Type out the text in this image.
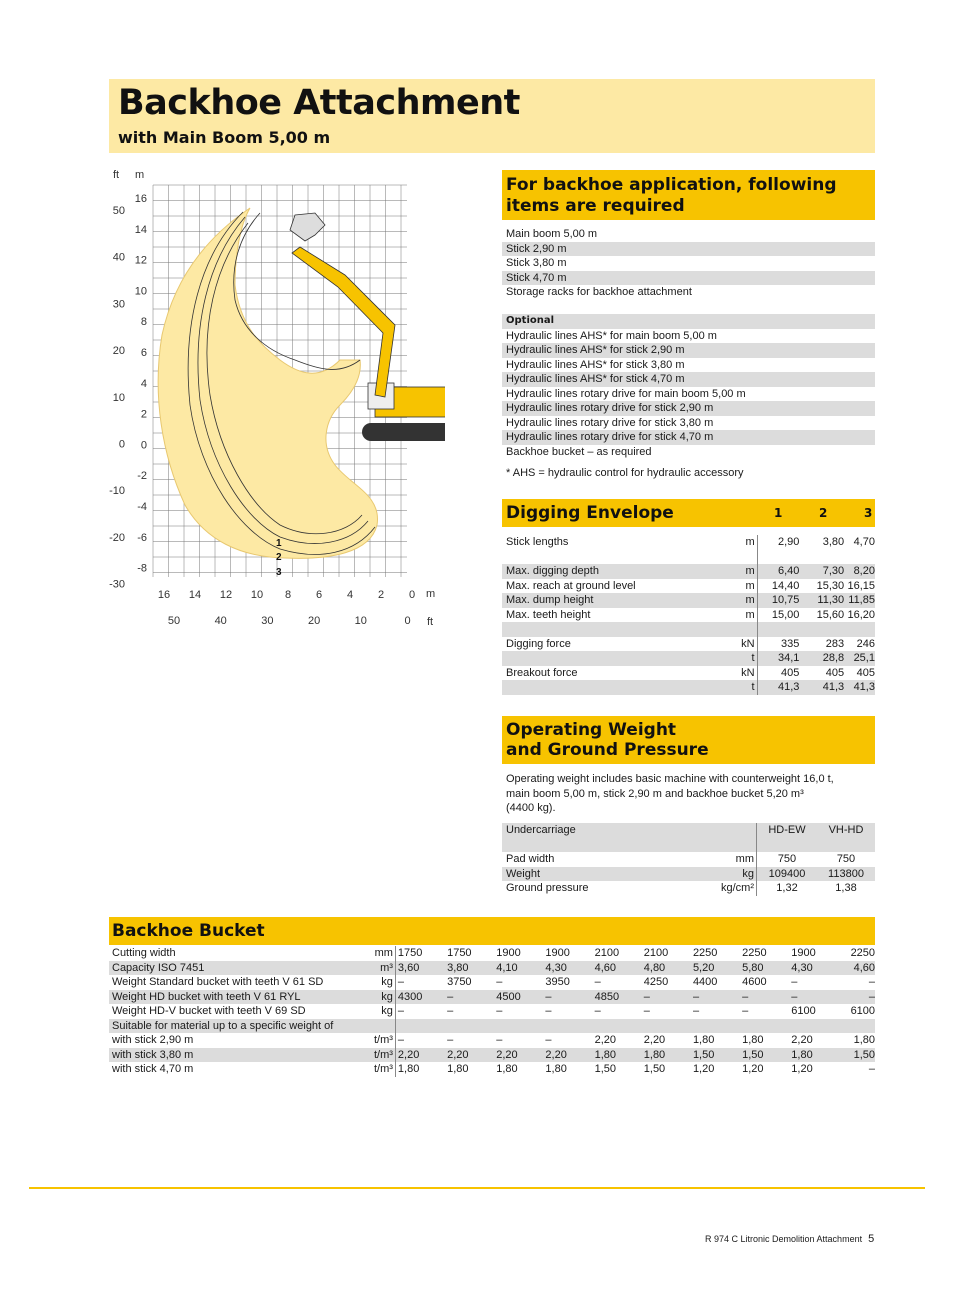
Backhoe Attachment
with Main Boom 5,00 m
ft m
1
2
3
50
40
30
20
10
0
-10
-20
-30
16
14
12
10
8
6
4
2
0
-2
-4
-6
-8
16 14 12 10 8 6 4 2 0
50	40	30	20	10	0
m
ft
For backhoe application, following
items are required
Main boom 5,00 m
Stick 2,90 m
Stick 3,80 m
Stick 4,70 m
Storage racks for backhoe attachment
Optional
Hydraulic lines AHS* for main boom 5,00 m
Hydraulic lines AHS* for stick 2,90 m
Hydraulic lines AHS* for stick 3,80 m
Hydraulic lines AHS* for stick 4,70 m
Hydraulic lines rotary drive for main boom 5,00 m
Hydraulic lines rotary drive for stick 2,90 m
Hydraulic lines rotary drive for stick 3,80 m
Hydraulic lines rotary drive for stick 4,70 m
Backhoe bucket – as required
* AHS = hydraulic control for hydraulic accessory
Digging Envelope	1	2	3
Stick lengths	m	2,90	3,80 4,70
Max. digging depth	m	6,40	7,30 8,20
Max. reach at ground level	m	14,40	15,30 16,15
Max. dump height	m	10,75	11,30 11,85
Max. teeth height	m	15,00	15,60 16,20
Digging force	kN	335	283	246
t	34,1	28,8 25,1
Breakout force	kN	405	405	405
t	41,3	41,3 41,3
Operating Weight
and Ground Pressure
Operating weight includes basic machine with counterweight 16,0 t,
main boom 5,00 m, stick 2,90 m and backhoe bucket 5,20 m³
(4400 kg).
Undercarriage	HD-EW	VH-HD
Pad width	mm	750	750
Weight	kg	109400	113800
Ground pressure	kg/cm²	1,32	1,38
Backhoe Bucket
Cutting width	mm 1750	1750	1900	1900	2100	2100	2250	2250	1900	2250
Capacity ISO 7451	m³ 3,60	3,80	4,10	4,30	4,60	4,80	5,20	5,80	4,30	4,60
Weight Standard bucket with teeth V 61 SD	kg –	3750	–	3950	–	4250	4400	4600	–	–
Weight HD bucket with teeth V 61 RYL	kg 4300	–	4500	–	4850	–	–	–	–	–
Weight HD-V bucket with teeth V 69 SD	kg –	–	–	–	–	–	–	–	6100	6100
Suitable for material up to a specific weight of
with stick 2,90 m	t/m³ –	–	–	–	2,20	2,20	1,80	1,80	2,20	1,80
with stick 3,80 m	t/m³ 2,20	2,20	2,20	2,20	1,80	1,80	1,50	1,50	1,80	1,50
with stick 4,70 m	t/m³ 1,80	1,80	1,80	1,80	1,50	1,50	1,20	1,20	1,20	–
R 974 C Litronic Demolition Attachment 5
